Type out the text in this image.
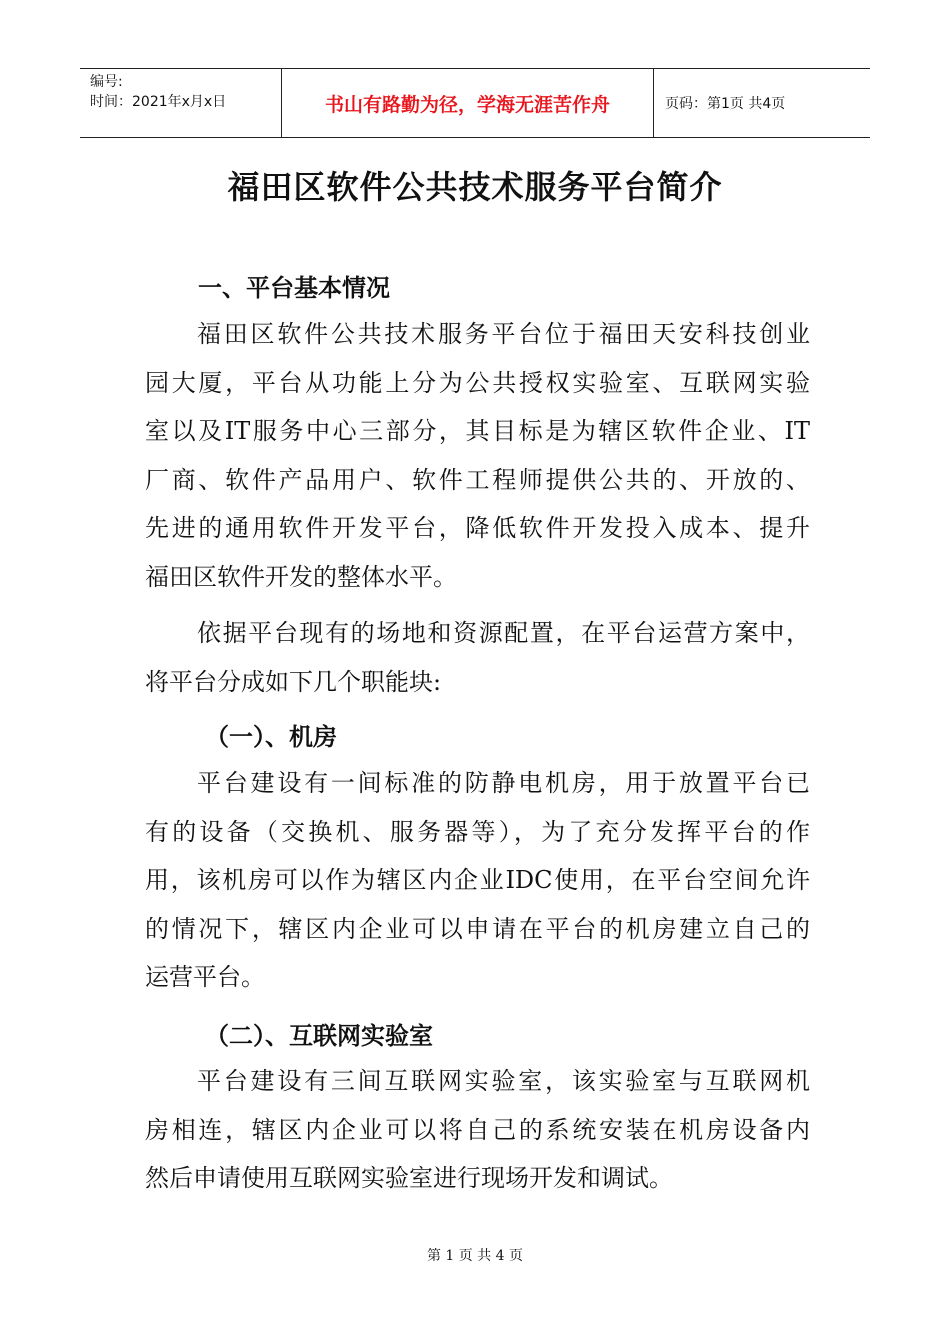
编号:
时间：2021年x月x日	书山有路勤为径，学海无涯苦作舟	页码：第1页 共4页
福田区软件公共技术服务平台简介
一、平台基本情况
福田区软件公共技术服务平台位于福田天安科技创业
园大厦，平台从功能上分为公共授权实验室、互联网实验
室以及IT服务中心三部分，其目标是为辖区软件企业、IT
厂商、软件产品用户、软件工程师提供公共的、开放的、
先进的通用软件开发平台，降低软件开发投入成本、提升
福田区软件开发的整体水平。
依据平台现有的场地和资源配置，在平台运营方案中，
将平台分成如下几个职能块:
（一）、机房
平台建设有一间标准的防静电机房，用于放置平台已
有的设备（交换机、服务器等），为了充分发挥平台的作
用，该机房可以作为辖区内企业IDC使用，在平台空间允许
的情况下，辖区内企业可以申请在平台的机房建立自己的
运营平台。
（二）、互联网实验室
平台建设有三间互联网实验室，该实验室与互联网机
房相连，辖区内企业可以将自己的系统安装在机房设备内
然后申请使用互联网实验室进行现场开发和调试。
第 1 页 共 4 页
